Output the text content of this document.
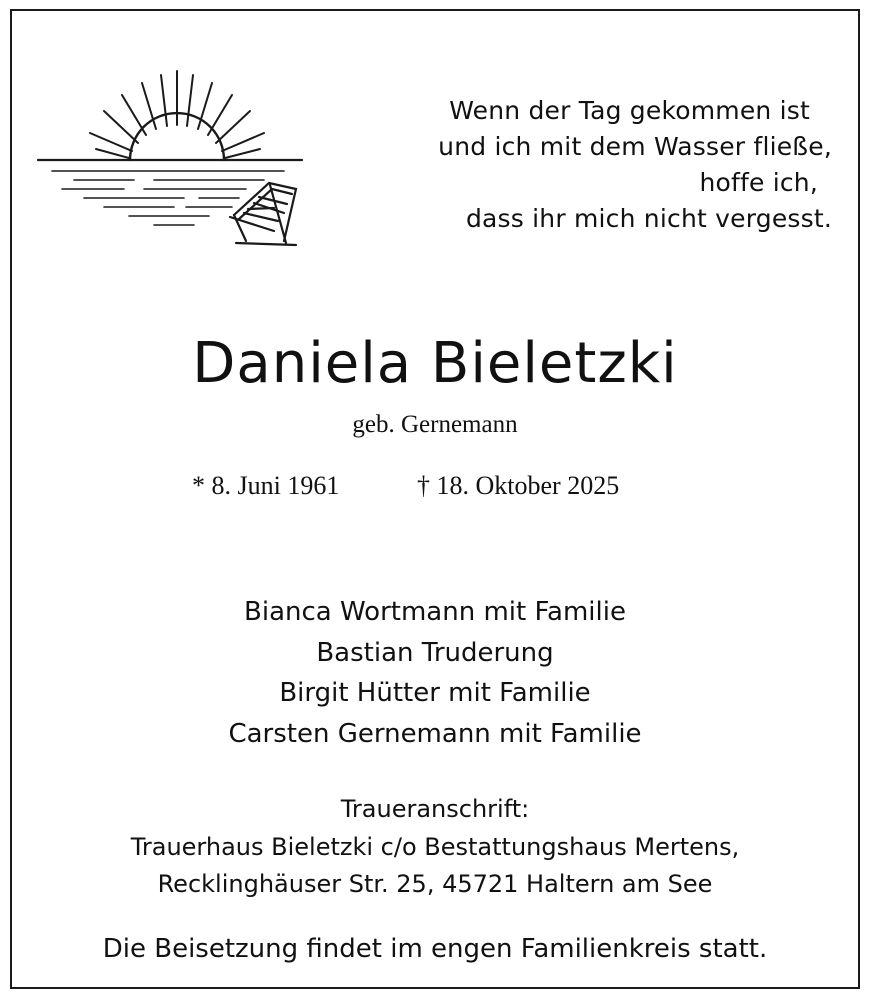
Wenn der Tag gekommen ist
und ich mit dem Wasser fließe,
hoffe ich,
dass ihr mich nicht vergesst.
Daniela Bieletzki
geb. Gernemann
* 8. Juni 1961	† 18. Oktober 2025
Bianca Wortmann mit Familie
Bastian Truderung
Birgit Hütter mit Familie
Carsten Gernemann mit Familie
Traueranschrift:
Trauerhaus Bieletzki c/o Bestattungshaus Mertens,
Recklinghäuser Str. 25, 45721 Haltern am See
Die Beisetzung findet im engen Familienkreis statt.
